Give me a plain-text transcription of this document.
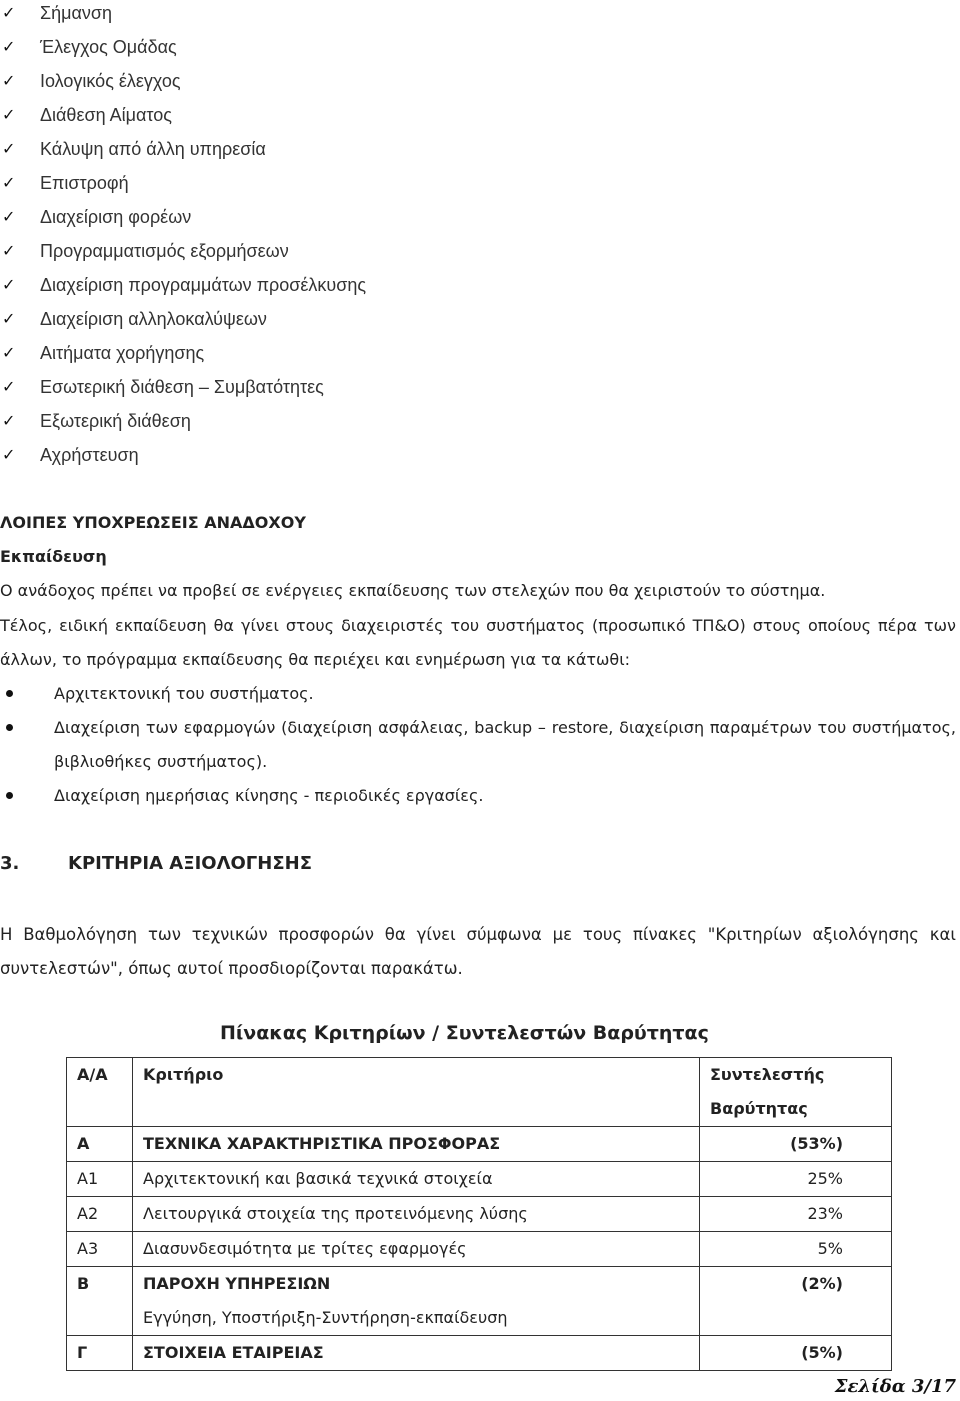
✓ Σήμανση
✓ Έλεγχος Ομάδας
✓ Ιολογικός έλεγχος
✓ Διάθεση Αίματος
✓ Κάλυψη από άλλη υπηρεσία
✓ Επιστροφή
✓ Διαχείριση φορέων
✓ Προγραμματισμός εξορμήσεων
✓ Διαχείριση προγραμμάτων προσέλκυσης
✓ Διαχείριση αλληλοκαλύψεων
✓ Αιτήματα χορήγησης
✓ Εσωτερική διάθεση – Συμβατότητες
✓ Εξωτερική διάθεση
✓ Αχρήστευση
ΛΟΙΠΕΣ ΥΠΟΧΡΕΩΣΕΙΣ ΑΝΑΔΟΧΟΥ
Εκπαίδευση
Ο ανάδοχος πρέπει να προβεί σε ενέργειες εκπαίδευσης των στελεχών που θα χειριστούν το σύστημα.
Τέλος, ειδική εκπαίδευση θα γίνει στους διαχειριστές του συστήματος (προσωπικό ΤΠ&Ο) στους οποίους πέρα των άλλων, το πρόγραμμα εκπαίδευσης θα περιέχει και ενημέρωση για τα κάτωθι:
Αρχιτεκτονική του συστήματος.
Διαχείριση των εφαρμογών (διαχείριση ασφάλειας, backup – restore, διαχείριση παραμέτρων του συστήματος, βιβλιοθήκες συστήματος).
Διαχείριση ημερήσιας κίνησης - περιοδικές εργασίες.
3.	ΚΡΙΤΗΡΙΑ ΑΞΙΟΛΟΓΗΣΗΣ
Η Βαθμολόγηση των τεχνικών προσφορών θα γίνει σύμφωνα με τους πίνακες "Κριτηρίων αξιολόγησης και συντελεστών", όπως αυτοί προσδιορίζονται παρακάτω.
Πίνακας Κριτηρίων / Συντελεστών Βαρύτητας
Α/Α	Κριτήριο	Συντελεστής
Βαρύτητας

Α	ΤΕΧΝΙΚΑ ΧΑΡΑΚΤΗΡΙΣΤΙΚΑ ΠΡΟΣΦΟΡΑΣ	(53%)
Α1	Αρχιτεκτονική και βασικά τεχνικά στοιχεία	25%
Α2	Λειτουργικά στοιχεία της προτεινόμενης λύσης	23%
Α3	Διασυνδεσιμότητα με τρίτες εφαρμογές	5%
Β	ΠΑΡΟΧΗ ΥΠΗΡΕΣΙΩΝ
Εγγύηση, Υποστήριξη-Συντήρηση-εκπαίδευση	(2%)
Γ	ΣΤΟΙΧΕΙΑ ΕΤΑΙΡΕΙΑΣ	(5%)
Σελίδα 3/17
